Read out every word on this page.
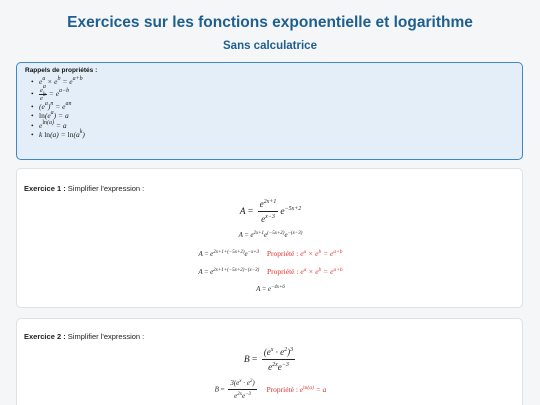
Exercices sur les fonctions exponentielle et logarithme
Sans calculatrice
Rappels de propriétés :
• $e^a \times e^b = e^{a+b}$
• $\frac{e^a}{e^b} = e^{a-b}$
• $(e^a)^n = e^{an}$
• $\ln(e^a) = a$
• $e^{ln(a)} = a$
• k $\ln(a) = \ln(a^k)$
Exercice 1 : Simplifier l'expression :
$A = \frac{e^{2x+1}}{e^{x-3}} e^{-5x+2}$
$A = e^{2x+1}e^{(-5x+2)}e^{-(x-3)}$
$A = e^{2x+1+(-5x+2)}e^{-x+3}$ Propriété : $e^a \times e^b = e^{a+b}$
$A = e^{2x+1+(-5x+2)-(x-3)}$ Propriété : $e^a \times e^b = e^{a+b}$
$A = e^{-4x+6}$
Exercice 2 : Simplifier l'expression :
$B = \frac{(e^x \cdot e^2)^3}{e^{2x}e^{-3}}$
$B = \frac{3(e^x \cdot e^2)}{e^{2x}e^{-3}}$ Propriété : $e^{ln(a)} = a$
